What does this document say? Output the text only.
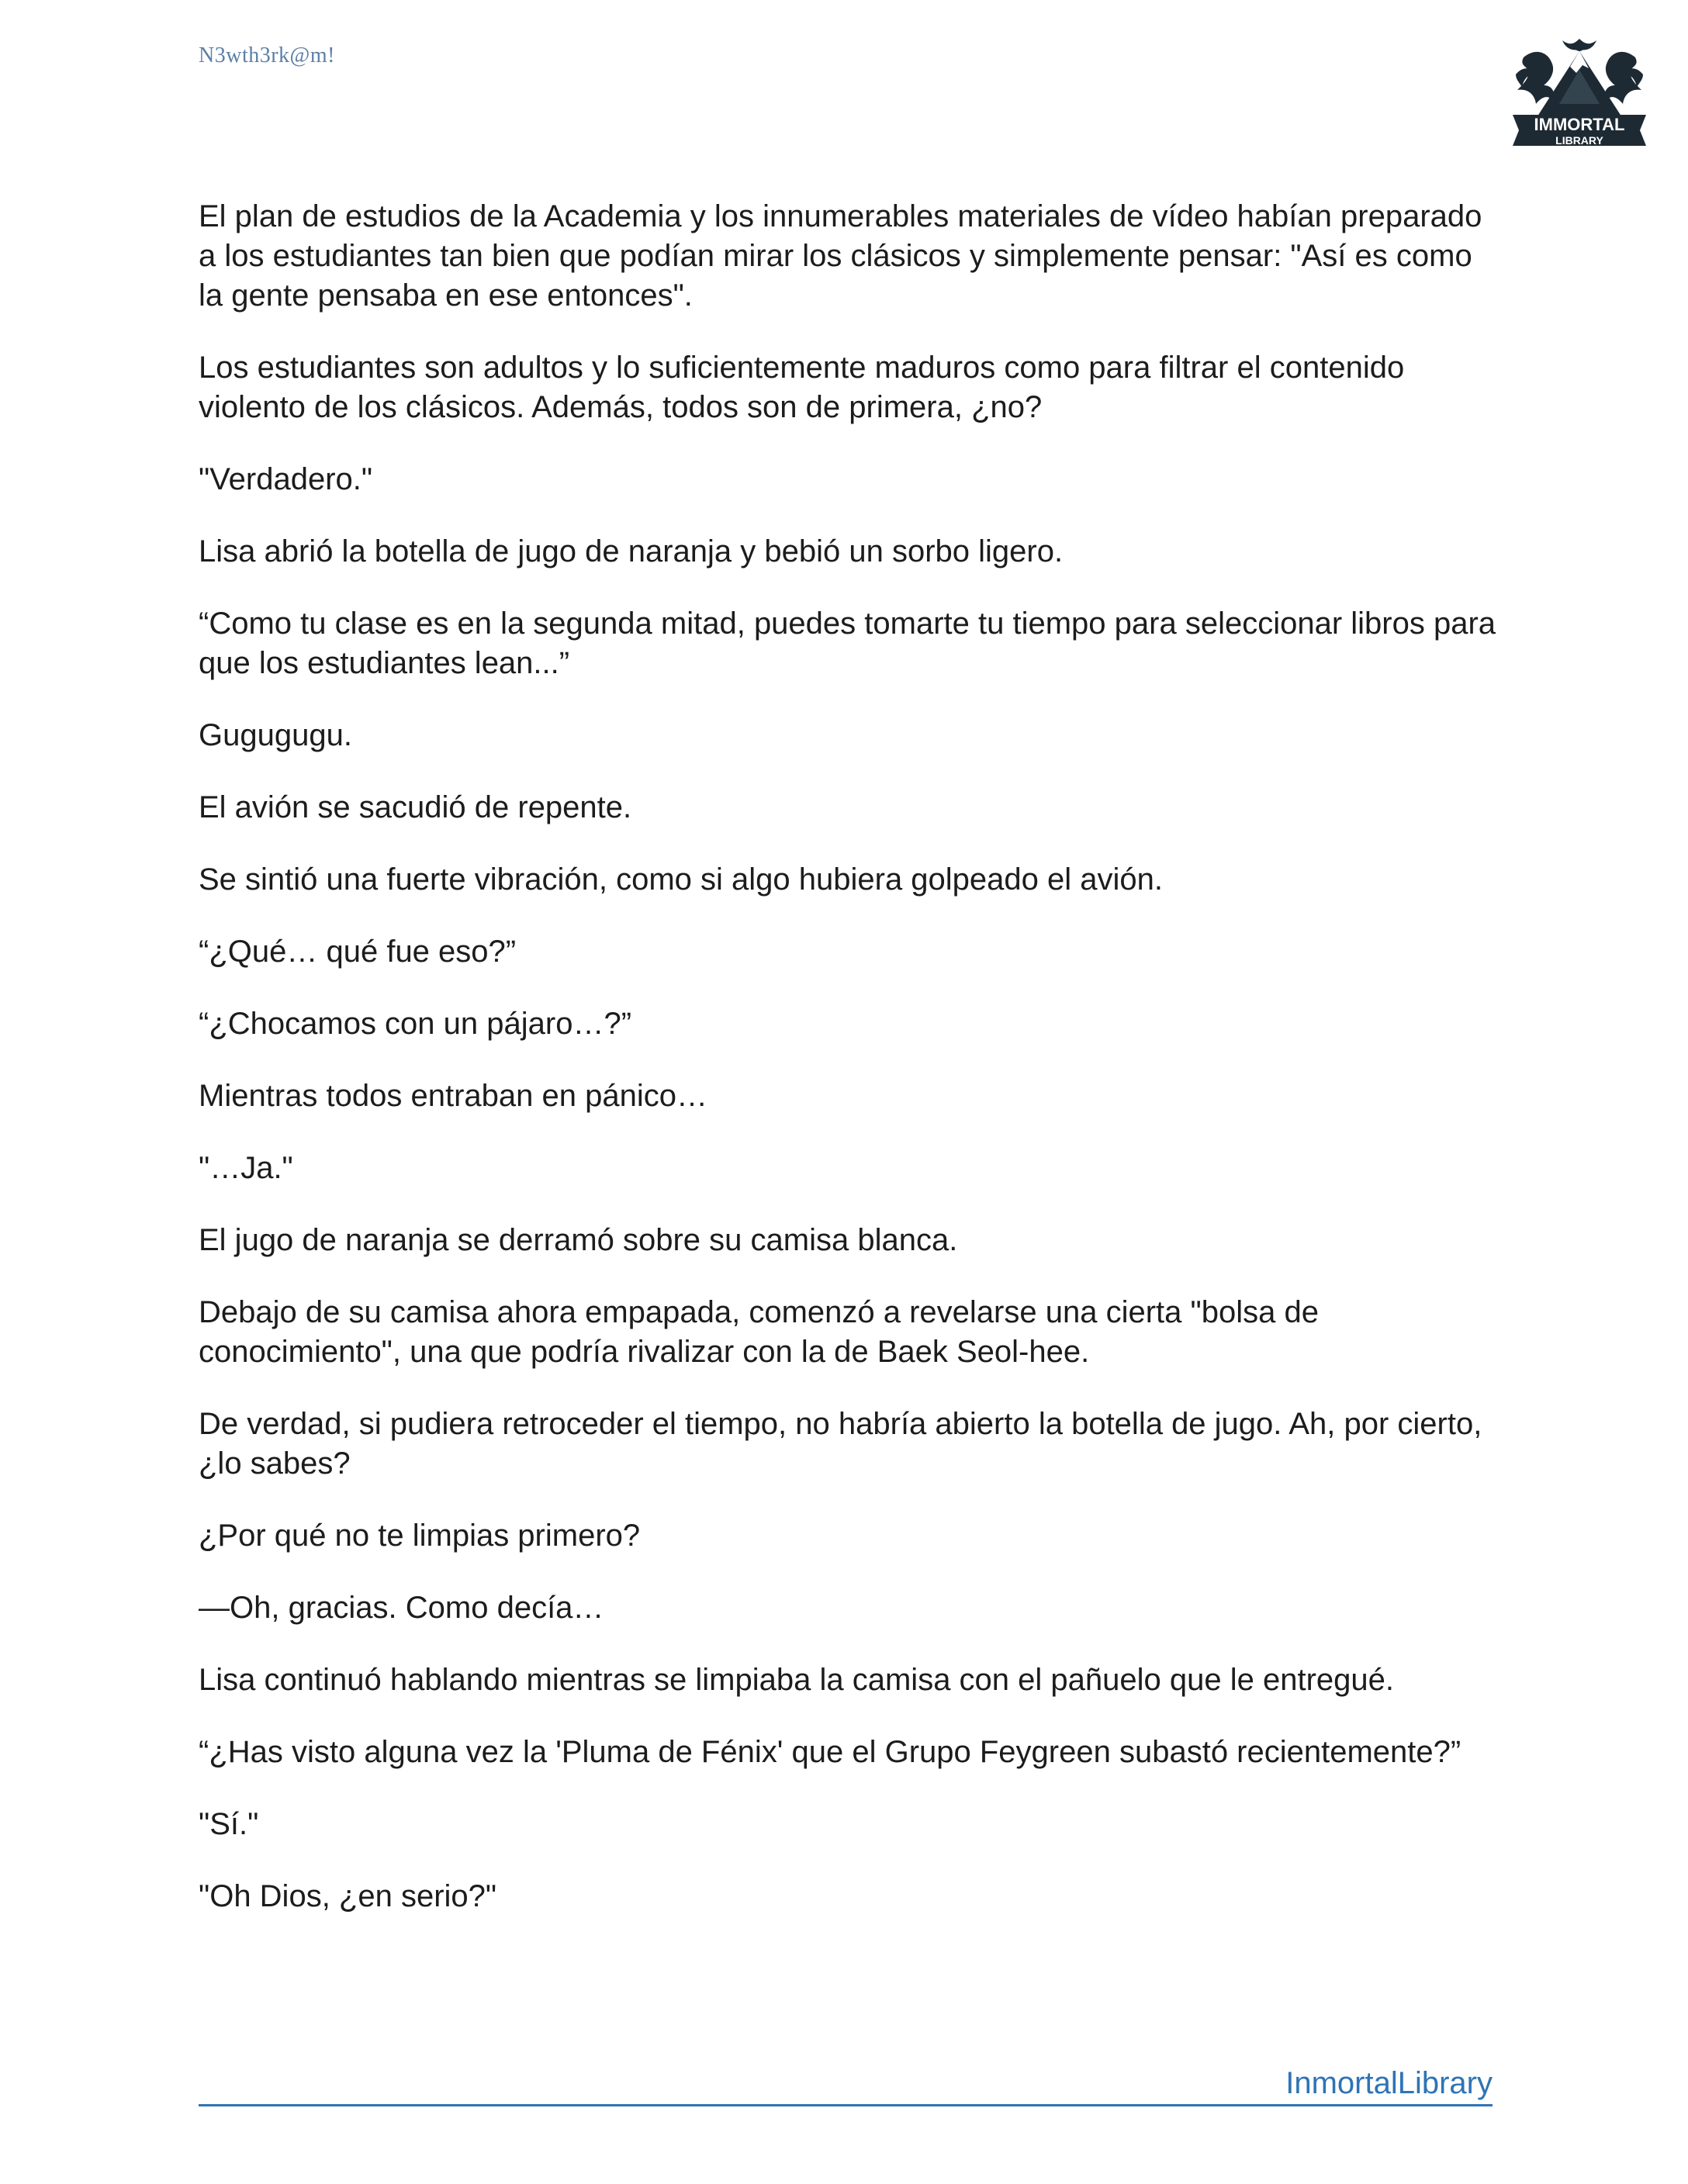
N3wth3rk@m!
IMMORTAL
LIBRARY

El plan de estudios de la Academia y los innumerables materiales de vídeo habían preparado a los estudiantes tan bien que podían mirar los clásicos y simplemente pensar: "Así es como la gente pensaba en ese entonces".

Los estudiantes son adultos y lo suficientemente maduros como para filtrar el contenido violento de los clásicos. Además, todos son de primera, ¿no?

"Verdadero."

Lisa abrió la botella de jugo de naranja y bebió un sorbo ligero.

“Como tu clase es en la segunda mitad, puedes tomarte tu tiempo para seleccionar libros para que los estudiantes lean...”

Gugugugu.

El avión se sacudió de repente.

Se sintió una fuerte vibración, como si algo hubiera golpeado el avión.

“¿Qué… qué fue eso?”

“¿Chocamos con un pájaro…?”

Mientras todos entraban en pánico…

"…Ja."

El jugo de naranja se derramó sobre su camisa blanca.

Debajo de su camisa ahora empapada, comenzó a revelarse una cierta "bolsa de conocimiento", una que podría rivalizar con la de Baek Seol-hee.

De verdad, si pudiera retroceder el tiempo, no habría abierto la botella de jugo. Ah, por cierto, ¿lo sabes?

¿Por qué no te limpias primero?

—Oh, gracias. Como decía…

Lisa continuó hablando mientras se limpiaba la camisa con el pañuelo que le entregué.

“¿Has visto alguna vez la 'Pluma de Fénix' que el Grupo Feygreen subastó recientemente?”

"Sí."

"Oh Dios, ¿en serio?"

InmortalLibrary
